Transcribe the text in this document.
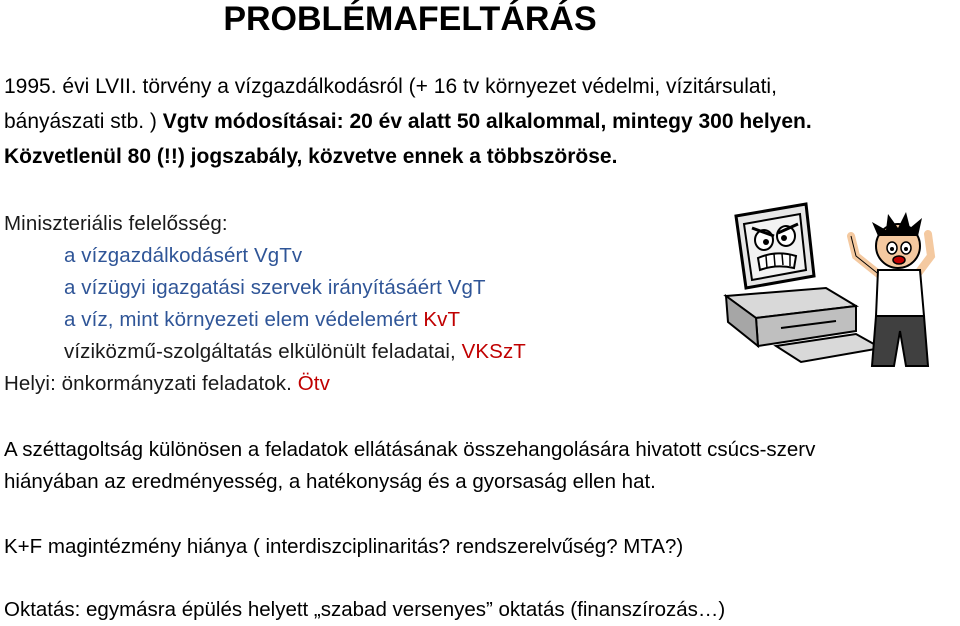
PROBLÉMAFELTÁRÁS
1995. évi LVII. törvény a vízgazdálkodásról (+ 16 tv környezet védelmi, vízitársulati,
bányászati stb. ) Vgtv módosításai: 20 év alatt 50 alkalommal, mintegy 300 helyen.
Közvetlenül 80 (!!) jogszabály, közvetve ennek a többszöröse.
Miniszteriális felelősség:
a vízgazdálkodásért VgTv
a vízügyi igazgatási szervek irányításáért VgT
a víz, mint környezeti elem védelemért KvT
víziközmű-szolgáltatás elkülönült feladatai, VKSzT
Helyi: önkormányzati feladatok. Ötv
A széttagoltság különösen a feladatok ellátásának összehangolására hivatott csúcs-szerv
hiányában az eredményesség, a hatékonyság és a gyorsaság ellen hat.
K+F magintézmény hiánya ( interdiszciplinaritás? rendszerelvűség? MTA?)
Oktatás: egymásra épülés helyett „szabad versenyes” oktatás (finanszírozás…)
